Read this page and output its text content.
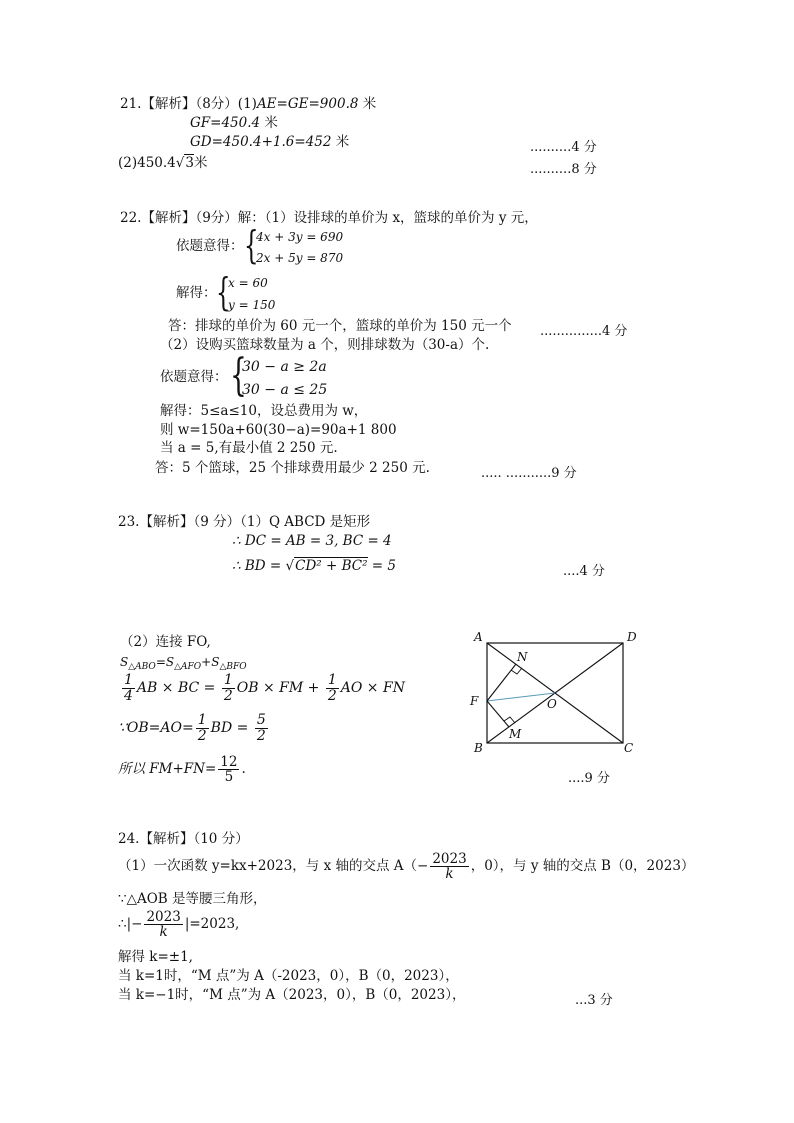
21.【解析】（8分）(1)AE=GE=900.8 米
GF=450.4 米
GD=450.4+1.6=452 米	..........4 分
(2)450.4√3米	..........8 分
22.【解析】（9分）解：（1）设排球的单价为 x，篮球的单价为 y 元，
依题意得： {
4x + 3y = 690
2x + 5y = 870
解得： {
x = 60
y = 150
答：排球的单价为 60 元一个，篮球的单价为 150 元一个 ...............4 分
（2）设购买篮球数量为 a 个，则排球数为（30-a）个.
依题意得： {
30 − a ≥ 2a
30 − a ≤ 25
解得：5≤a≤10，设总费用为 w，
则 w=150a+60(30−a)=90a+1 800
当 a = 5,有最小值 2 250 元.
答：5 个篮球，25 个排球费用最少 2 250 元.	..... ...........9 分
23.【解析】（9 分）（1）Q ABCD 是矩形
∴ DC = AB = 3, BC = 4
∴ BD = √CD² + BC² = 5	....4 分
（2）连接 FO,
$S_{\triangle ABO}=S_{\triangle AFO}+S_{\triangle BFO}$
$\frac{1}{4}$ AB × BC = $\frac{1}{2}$ OB × FM + $\frac{1}{2}$ AO × FN
∵OB=AO= $\frac{1}{2}$ BD = $\frac{5}{2}$
所以 $FM+FN= \frac{12}{5}$ .
....9 分
A	D
B	C
F
N
M
O
24.【解析】（10 分）
（1）一次函数 y=kx+2023，与 x 轴的交点 $A(- \frac{2023}{k}$ ，0），与 y 轴的交点 B（0，2023）
∵△AOB 是等腰三角形，
∴|− $\frac{2023}{k} |=2023$,
解得 k=±1,
当 k=1时，“M 点”为 A（-2023，0），B（0，2023），
当 k=−1时，“M 点”为 A（2023，0），B（0，2023），	...3 分
